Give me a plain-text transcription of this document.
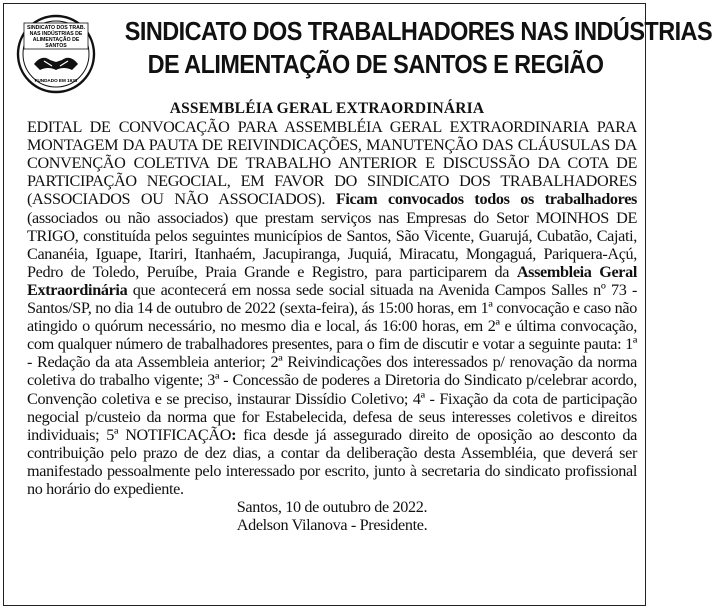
SINDICATO DOS TRAB.
NAS INDÚSTRIAS DE
ALIMENTAÇÃO DE
SANTOS
FUNDADO EM 1933
SINDICATO DOS TRABALHADORES NAS INDÚSTRIAS
DE ALIMENTAÇÃO DE SANTOS E REGIÃO
ASSEMBLÉIA GERAL EXTRAORDINÁRIA
EDITAL DE CONVOCAÇÃO PARA ASSEMBLÉIA GERAL EXTRAORDINARIA PARA MONTAGEM DA PAUTA DE REIVINDICAÇÕES, MANUTENÇÃO DAS CLÁUSULAS DA CONVENÇÃO COLETIVA DE TRABALHO ANTERIOR E DISCUSSÃO DA COTA DE PARTICIPAÇÃO NEGOCIAL, EM FAVOR DO SINDICATO DOS TRABALHADORES (ASSOCIADOS OU NÃO ASSOCIADOS). Ficam convocados todos os trabalhadores (associados ou não associados) que prestam serviços nas Empresas do Setor MOINHOS DE TRIGO, constituída pelos seguintes municípios de Santos, São Vicente, Guarujá, Cubatão, Cajati, Cananéia, Iguape, Itariri, Itanhaém, Jacupiranga, Juquiá, Miracatu, Mongaguá, Pariquera-Açú, Pedro de Toledo, Peruíbe, Praia Grande e Registro, para participarem da Assembleia Geral Extraordinária que acontecerá em nossa sede social situada na Avenida Campos Salles nº 73 - Santos/SP, no dia 14 de outubro de 2022 (sexta-feira), ás 15:00 horas, em 1ª convocação e caso não atingido o quórum necessário, no mesmo dia e local, ás 16:00 horas, em 2ª e última convocação, com qualquer número de trabalhadores presentes, para o fim de discutir e votar a seguinte pauta: 1ª - Redação da ata Assembleia anterior; 2ª Reivindicações dos interessados p/ renovação da norma coletiva do trabalho vigente; 3ª - Concessão de poderes a Diretoria do Sindicato p/celebrar acordo, Convenção coletiva e se preciso, instaurar Dissídio Coletivo; 4ª - Fixação da cota de participação negocial p/custeio da norma que for Estabelecida, defesa de seus interesses coletivos e direitos individuais; 5ª NOTIFICAÇÃO: fica desde já assegurado direito de oposição ao desconto da contribuição pelo prazo de dez dias, a contar da deliberação desta Assembléia, que deverá ser manifestado pessoalmente pelo interessado por escrito, junto à secretaria do sindicato profissional no horário do expediente.
Santos, 10 de outubro de 2022.
Adelson Vilanova - Presidente.
